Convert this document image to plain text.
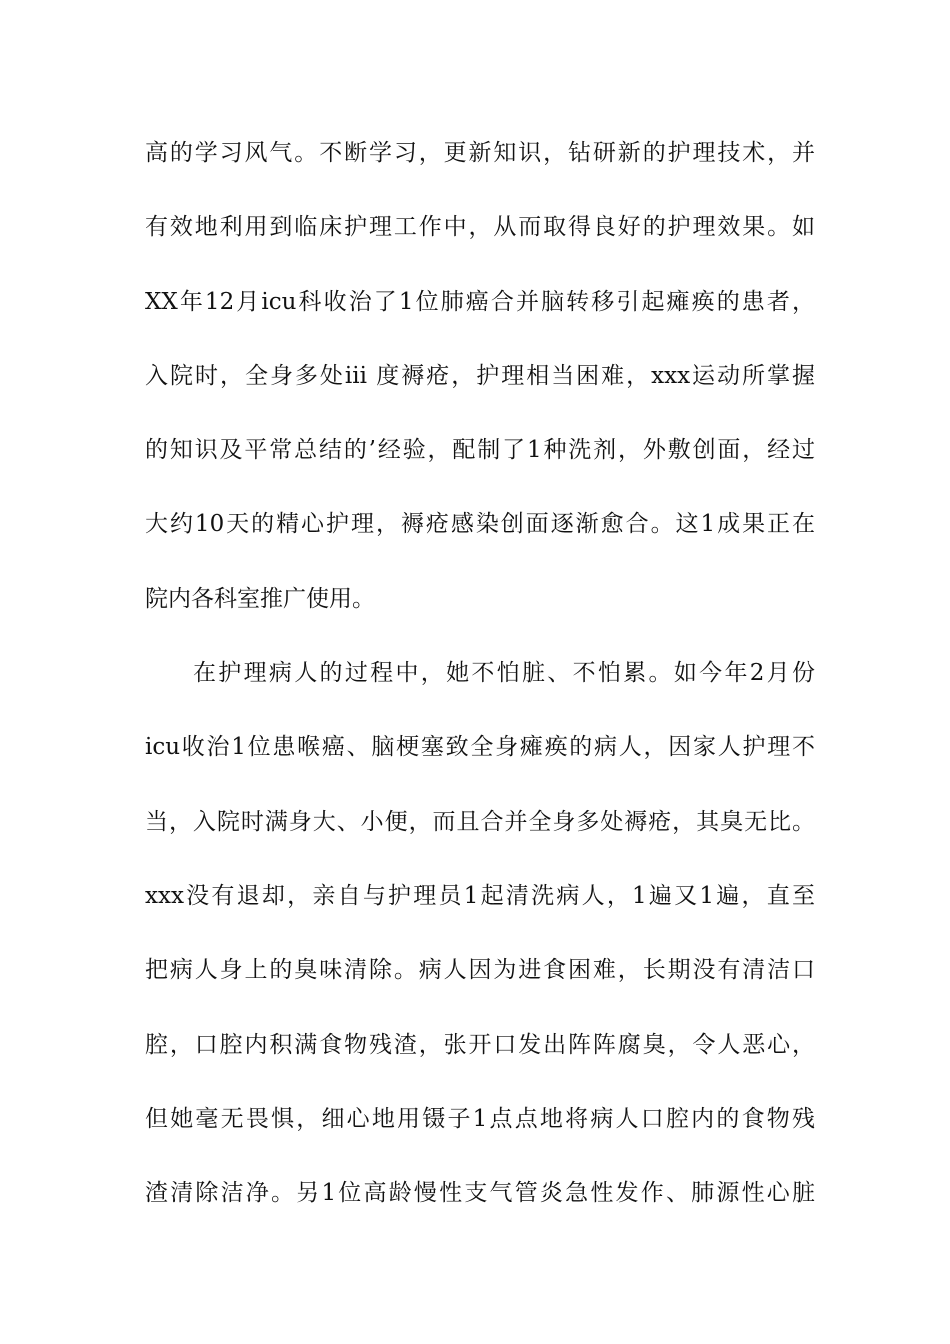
高的学习风气。不断学习，更新知识，钻研新的护理技术，并
有效地利用到临床护理工作中，从而取得良好的护理效果。如
XX年12月icu科收治了1位肺癌合并脑转移引起瘫痪的患者，
入院时，全身多处iii 度褥疮，护理相当困难，xxx运动所掌握
的知识及平常总结的’经验，配制了1种洗剂，外敷创面，经过
大约10天的精心护理，褥疮感染创面逐渐愈合。这1成果正在
院内各科室推广使用。
在护理病人的过程中，她不怕脏、不怕累。如今年2月份
icu收治1位患喉癌、脑梗塞致全身瘫痪的病人，因家人护理不
当，入院时满身大、小便，而且合并全身多处褥疮，其臭无比。
xxx没有退却，亲自与护理员1起清洗病人，1遍又1遍，直至
把病人身上的臭味清除。病人因为进食困难，长期没有清洁口
腔，口腔内积满食物残渣，张开口发出阵阵腐臭，令人恶心，
但她毫无畏惧，细心地用镊子1点点地将病人口腔内的食物残
渣清除洁净。另1位高龄慢性支气管炎急性发作、肺源性心脏
